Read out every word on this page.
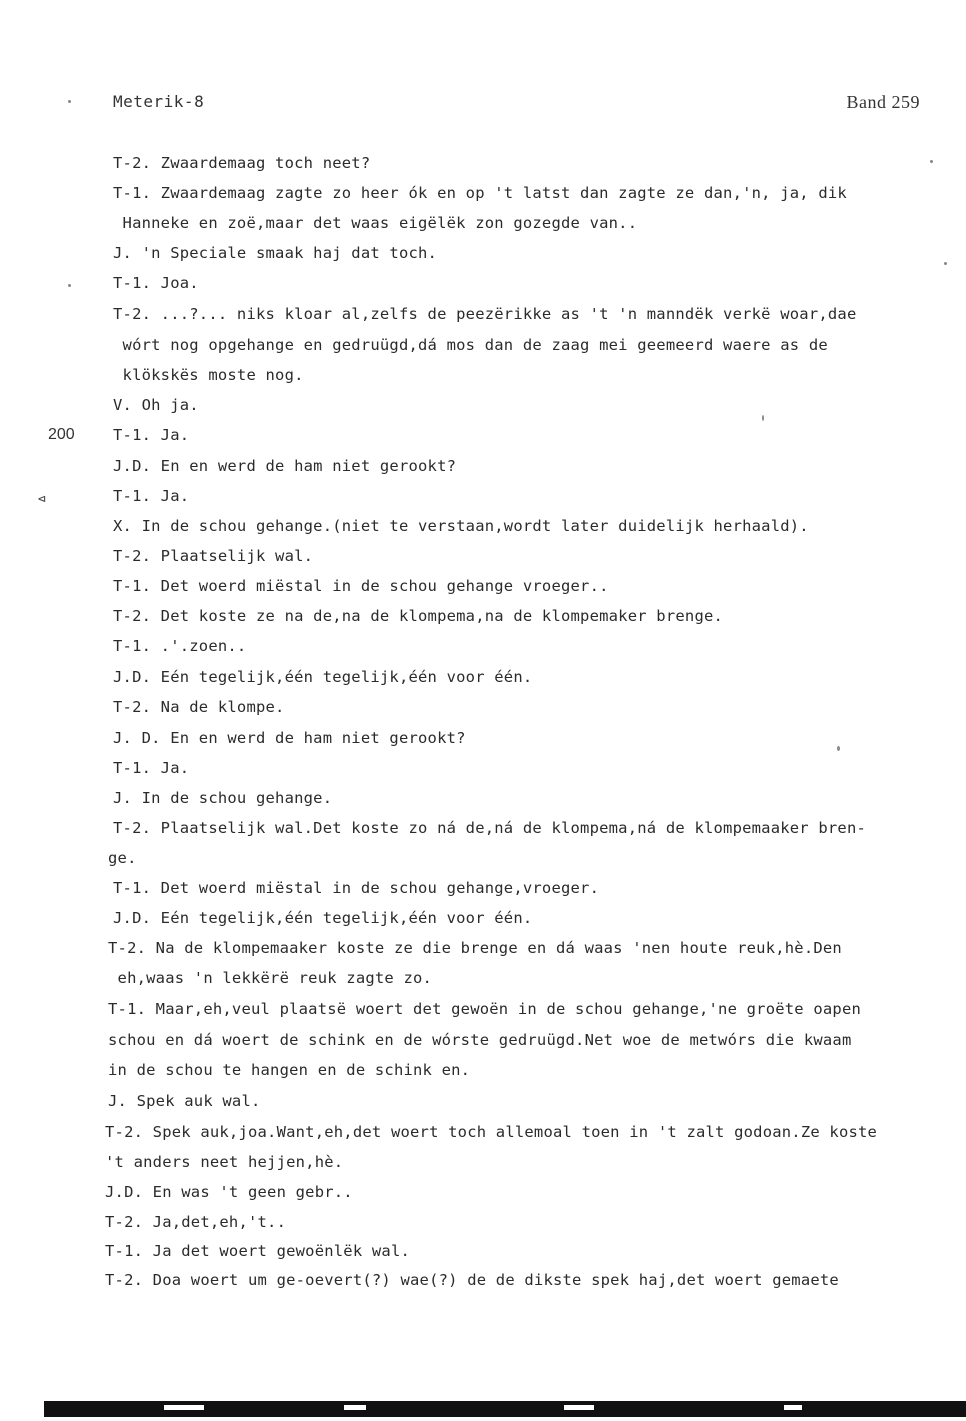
Meterik-8	Band 259
200
⊲
T-2. Zwaardemaag toch neet?
T-1. Zwaardemaag zagte zo heer ók en op 't latst dan zagte ze dan,'n, ja, dik
Hanneke en zoë,maar det waas eigëlëk zon gozegde van..
J. 'n Speciale smaak haj dat toch.
T-1. Joa.
T-2. ...?... niks kloar al,zelfs de peezërikke as 't 'n manndëk verkë woar,dae
wórt nog opgehange en gedruügd,dá mos dan de zaag mei geemeerd waere as de
klökskës moste nog.
V. Oh ja.
T-1. Ja.
J.D. En en werd de ham niet gerookt?
T-1. Ja.
X. In de schou gehange.(niet te verstaan,wordt later duidelijk herhaald).
T-2. Plaatselijk wal.
T-1. Det woerd miëstal in de schou gehange vroeger..
T-2. Det koste ze na de,na de klompema,na de klompemaker brenge.
T-1. .'.zoen..
J.D. Eén tegelijk,één tegelijk,één voor één.
T-2. Na de klompe.
J. D. En en werd de ham niet gerookt?
T-1. Ja.
J. In de schou gehange.
T-2. Plaatselijk wal.Det koste zo ná de,ná de klompema,ná de klompemaaker bren-
ge.
T-1. Det woerd miëstal in de schou gehange,vroeger.
J.D. Eén tegelijk,één tegelijk,één voor één.
T-2. Na de klompemaaker koste ze die brenge en dá waas 'nen houte reuk,hè.Den
eh,waas 'n lekkërë reuk zagte zo.
T-1. Maar,eh,veul plaatsë woert det gewoën in de schou gehange,'ne groëte oapen
schou en dá woert de schink en de wórste gedruügd.Net woe de metwórs die kwaam
in de schou te hangen en de schink en.
J. Spek auk wal.
T-2. Spek auk,joa.Want,eh,det woert toch allemoal toen in 't zalt godoan.Ze koste
't anders neet hejjen,hè.
J.D. En was 't geen gebr..
T-2. Ja,det,eh,'t..
T-1. Ja det woert gewoënlëk wal.
T-2. Doa woert um ge-oevert(?) wae(?) de de dikste spek haj,det woert gemaete
